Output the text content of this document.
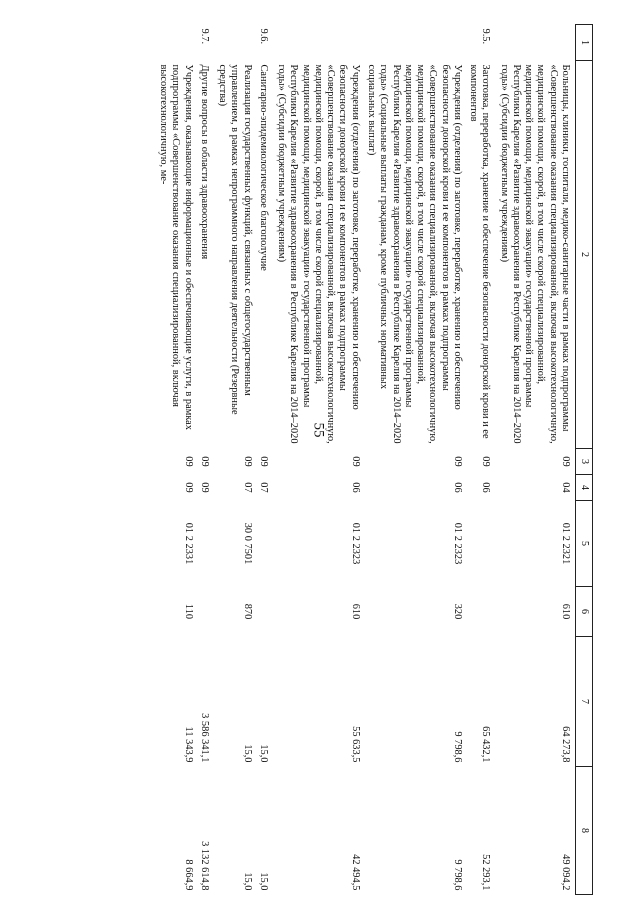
55
1	2	3	4	5	6	7	8
	Больницы, клиники, госпитали, медико-санитарные части в рамках подпрограммы «Совершенствование оказания специализированной, включая высокотехнологичную, медицинской помощи, скорой, в том числе скорой специализированной, медицинской помощи, медицинской эвакуации» государственной программы Республики Карелия «Развитие здравоохранения в Республике Карелия на 2014–2020 годы» (Субсидии бюджетным учреждениям)	09	04	01 2 2321	610	64 273,8	49 094,2
9.5.	Заготовка, переработка, хранение и обеспечение безопасности донорской крови и ее компонентов	09	06			65 432,1	52 293,1
	Учреждения (отделения) по заготовке, переработке, хранению и обеспечению безопасности донорской крови и ее компонентов в рамках подпрограммы «Совершенствование оказания специализированной, включая высокотехнологичную, медицинской помощи, скорой, в том числе скорой специализированной, медицинской помощи, медицинской эвакуации» государственной программы Республики Карелия «Развитие здравоохранения в Республике Карелия на 2014–2020 годы» (Социальные выплаты гражданам, кроме публичных нормативных социальных выплат)	09	06	01 2 2323	320	9 798,6	9 798,6
	Учреждения (отделения) по заготовке, переработке, хранению и обеспечению безопасности донорской крови и ее компонентов в рамках подпрограммы «Совершенствование оказания специализированной, включая высокотехнологичную, медицинской помощи, скорой, в том числе скорой специализированной, медицинской помощи, медицинской эвакуации» государственной программы Республики Карелия «Развитие здравоохранения в Республике Карелия на 2014–2020 годы» (Субсидии бюджетным учреждениям)	09	06	01 2 2323	610	55 633,5	42 494,5
9.6.	Санитарно-эпидемиологическое благополучие	09	07			15,0	15,0
	Реализация государственных функций, связанных с общегосударственным управлением, в рамках непрограммного направления деятельности (Резервные средства)	09	07	30 0 7501	870	15,0	15,0
9.7.	Другие вопросы в области здравоохранения	09	09			3 586 341,1	3 132 614,8
	Учреждения, оказывающие информационные и обеспечивающие услуги, в рамках подпрограммы «Совершенствование оказания специализированной, включая высокотехнологичную, ме-	09	09	01 2 2331	110	11 343,9	8 664,9
